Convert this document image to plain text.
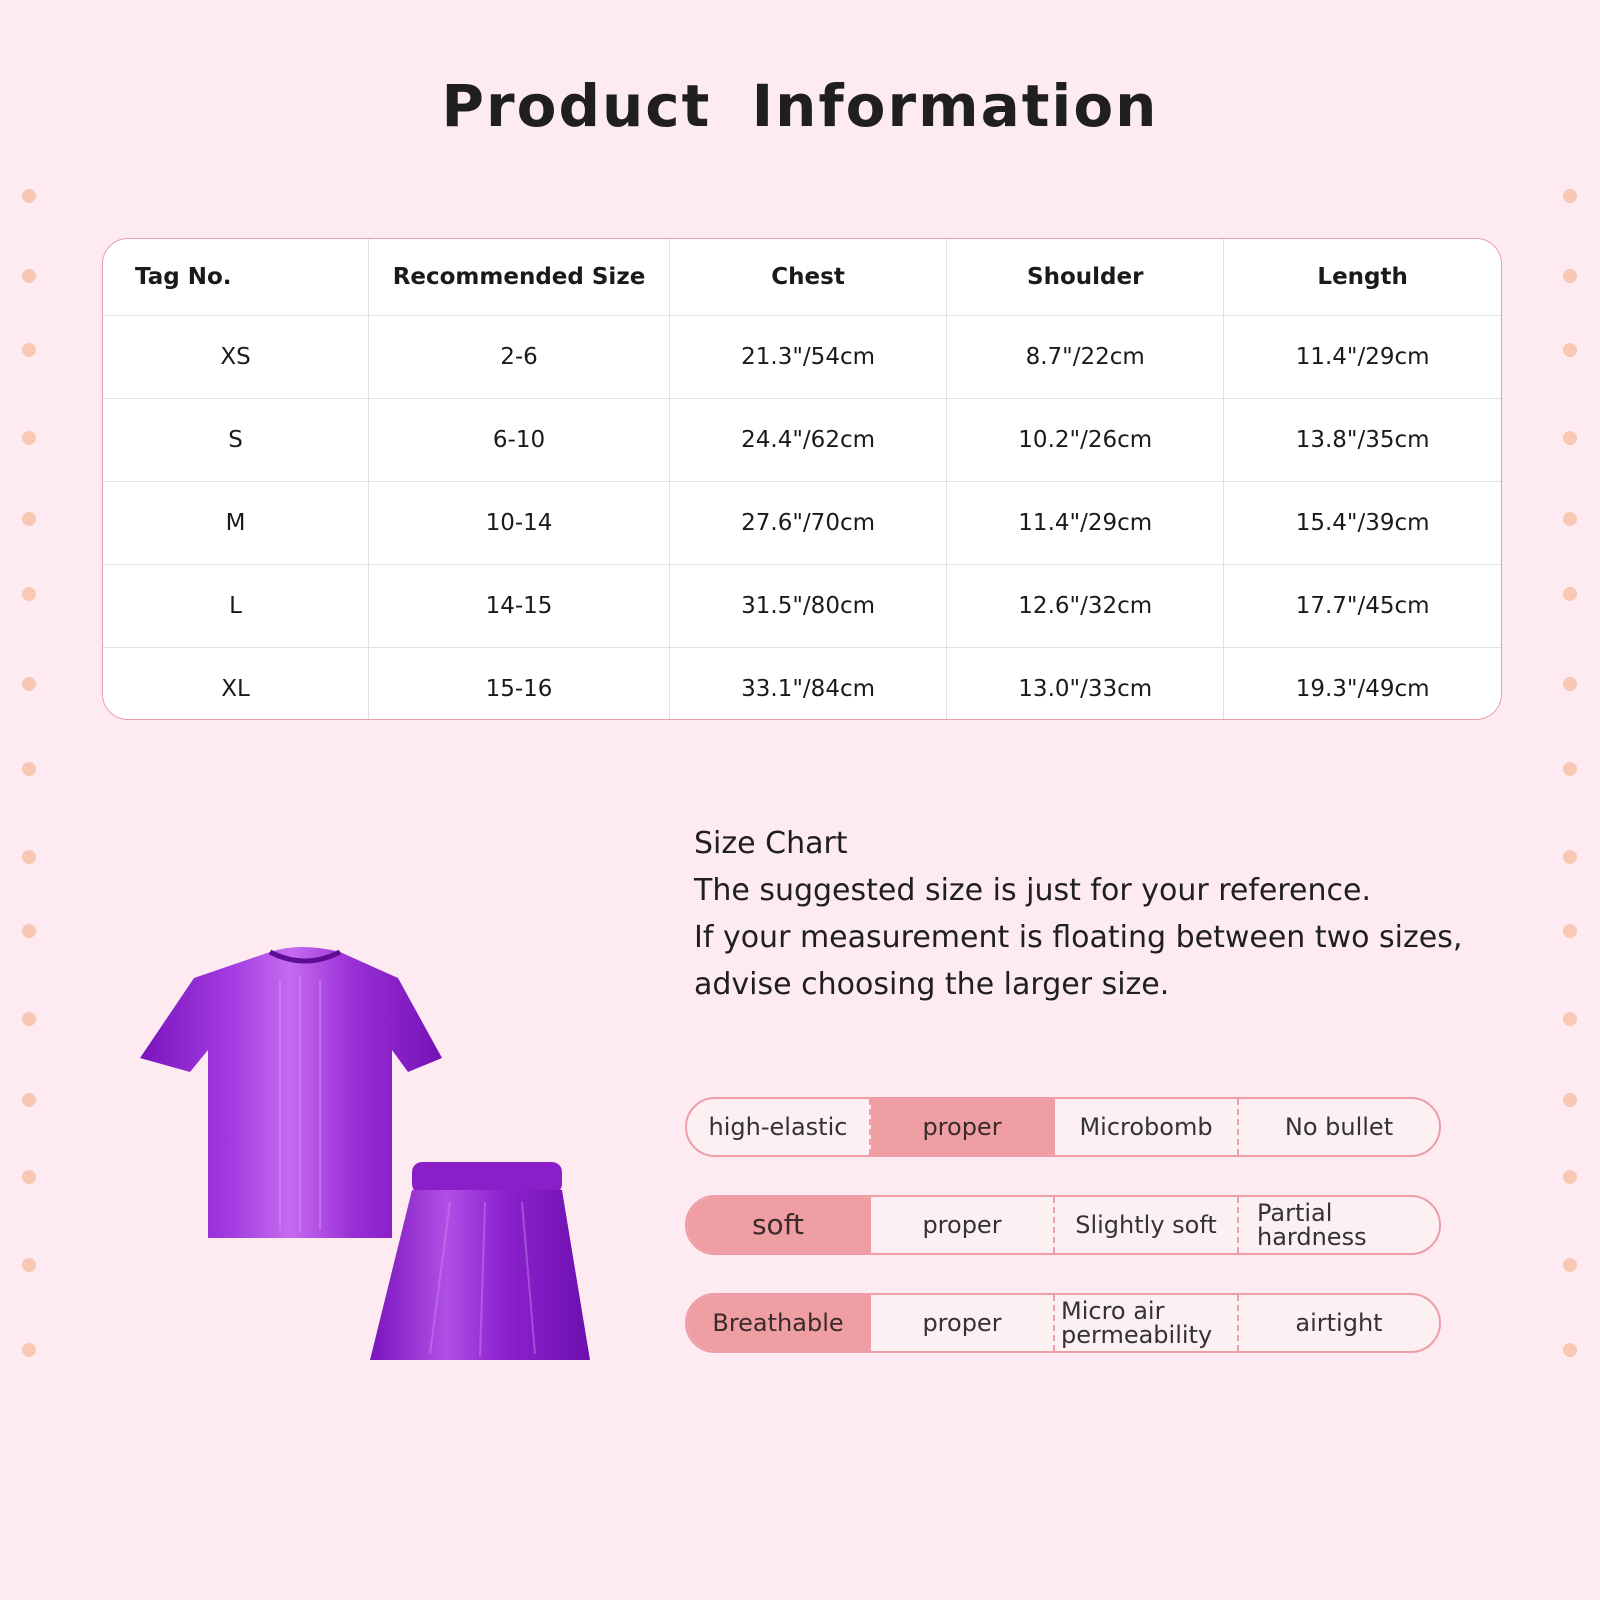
Product Information
Tag No.	Recommended Size	Chest	Shoulder	Length
XS	2-6	21.3"/54cm	8.7"/22cm	11.4"/29cm
S	6-10	24.4"/62cm	10.2"/26cm	13.8"/35cm
M	10-14	27.6"/70cm	11.4"/29cm	15.4"/39cm
L	14-15	31.5"/80cm	12.6"/32cm	17.7"/45cm
XL	15-16	33.1"/84cm	13.0"/33cm	19.3"/49cm
Size Chart
The suggested size is just for your reference.
If your measurement is floating between two sizes,
advise choosing the larger size.
high-elastic	proper	Microbomb	No bullet
soft	proper	Slightly soft	Partial hardness
Breathable	proper	Micro air permeability	airtight
